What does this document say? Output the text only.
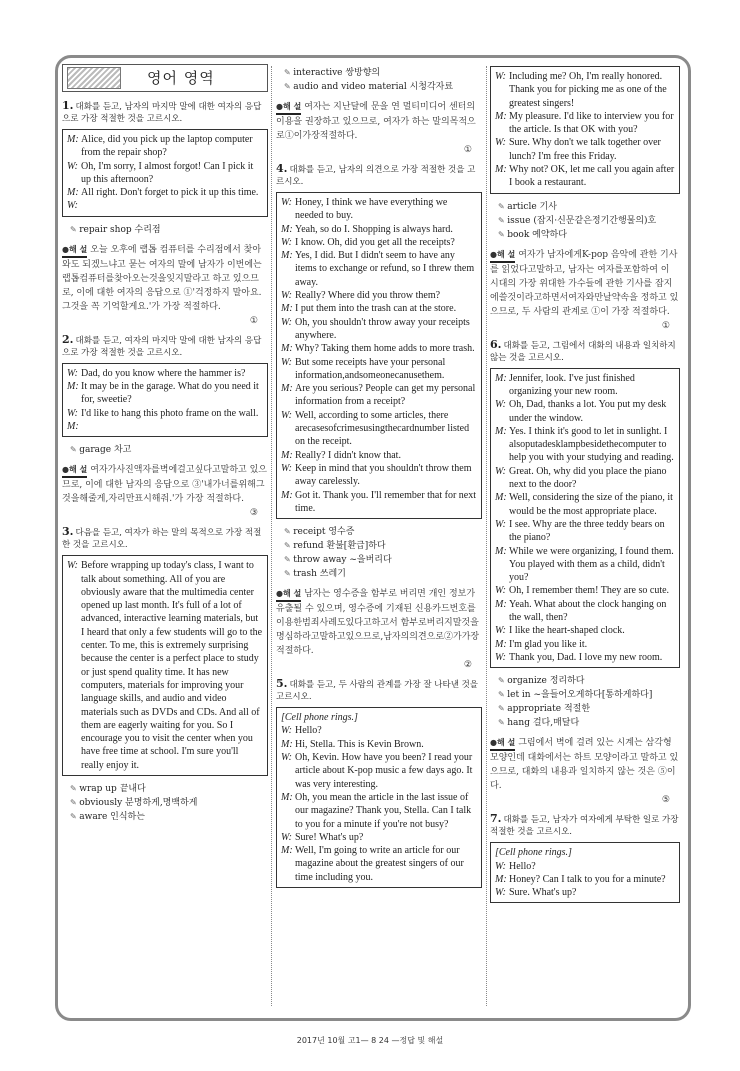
영어 영역
1. 대화를 듣고, 남자의 마지막 말에 대한 여자의 응답으로 가장 적절한 것을 고르시오.
M: Alice, did you pick up the laptop computer from the repair shop?
W: Oh, I'm sorry, I almost forgot! Can I pick it up this afternoon?
M: All right. Don't forget to pick it up this time.
W:
✎ repair shop 수리점
●해 설 오늘 오후에 랩톱 컴퓨터를 수리점에서 찾아와도 되겠느냐고 묻는 여자의 말에 남자가 이번에는랩톱컴퓨터를찾아오는것을잊지말라고 하고 있으므로, 이에 대한 여자의 응답으로 ①'걱정하지 말아요. 그것을 꼭 기억할게요.'가 가장 적절하다.
①
2. 대화를 듣고, 여자의 마지막 말에 대한 남자의 응답으로 가장 적절한 것을 고르시오.
W: Dad, do you know where the hammer is?
M: It may be in the garage. What do you need it for, sweetie?
W: I'd like to hang this photo frame on the wall.
M:
✎ garage 차고
●해 설 여자가사진액자를벽에걸고싶다고말하고 있으므로, 이에 대한 남자의 응답으로 ③'내가너를위해그것을해줄게,자리만표시해줘.'가 가장 적절하다.
③
3. 다음을 듣고, 여자가 하는 말의 목적으로 가장 적절한 것을 고르시오.
W: Before wrapping up today's class, I want to talk about something. All of you are obviously aware that the multimedia center opened up last month. It's full of a lot of advanced, interactive learning materials, but I heard that only a few students will go to the center. To me, this is extremely surprising because the center is a perfect place to study or just spend quality time. It has new computers, materials for improving your language skills, and audio and video materials such as DVDs and CDs. And all of them are eagerly waiting for you. So I encourage you to visit the center when you have free time at school. I'm sure you'll really enjoy it.
✎ wrap up 끝내다
✎ obviously 분명하게,명백하게
✎ aware 인식하는
✎ interactive 쌍방향의
✎ audio and video material 시청각자료
●해 설 여자는 지난달에 문을 연 멀티미디어 센터의 이용을 권장하고 있으므로, 여자가 하는 말의목적으로①이가장적절하다.
①
4. 대화를 듣고, 남자의 의견으로 가장 적절한 것을 고르시오.
W: Honey, I think we have everything we needed to buy.
M: Yeah, so do I. Shopping is always hard.
W: I know. Oh, did you get all the receipts?
M: Yes, I did. But I didn't seem to have any items to exchange or refund, so I threw them away.
W: Really? Where did you throw them?
M: I put them into the trash can at the store.
W: Oh, you shouldn't throw away your receipts anywhere.
M: Why? Taking them home adds to more trash.
W: But some receipts have your personal information,andsomeonecanusethem.
M: Are you serious? People can get my personal information from a receipt?
W: Well, according to some articles, there arecasesofcrimesusingthecardnumber listed on the receipt.
M: Really? I didn't know that.
W: Keep in mind that you shouldn't throw them away carelessly.
M: Got it. Thank you. I'll remember that for next time.
✎ receipt 영수증
✎ refund 환불[환급]하다
✎ throw away ~을버리다
✎ trash 쓰레기
●해 설 남자는 영수증을 함부로 버리면 개인 정보가 유출될 수 있으며, 영수증에 기재된 신용카드번호를이용한범죄사례도있다고하고서 함부로버리지말것을명심하라고말하고있으므로,남자의의견으로②가가장적절하다.
②
5. 대화를 듣고, 두 사람의 관계를 가장 잘 나타낸 것을 고르시오.
[Cell phone rings.]
W: Hello?
M: Hi, Stella. This is Kevin Brown.
W: Oh, Kevin. How have you been? I read your article about K-pop music a few days ago. It was very interesting.
M: Oh, you mean the article in the last issue of our magazine? Thank you, Stella. Can I talk to you for a minute if you're not busy?
W: Sure! What's up?
M: Well, I'm going to write an article for our magazine about the greatest singers of our time including you.
W: Including me? Oh, I'm really honored. Thank you for picking me as one of the greatest singers!
M: My pleasure. I'd like to interview you for the article. Is that OK with you?
W: Sure. Why don't we talk together over lunch? I'm free this Friday.
M: Why not? OK, let me call you again after I book a restaurant.
✎ article 기사
✎ issue (잡지·신문같은정기간행물의)호
✎ book 예약하다
●해 설 여자가 남자에게K-pop 음악에 관한 기사를 읽었다고말하고, 남자는 여자를포함하여 이 시대의 가장 위대한 가수들에 관한 기사를 잡지에쓸것이라고하면서여자와만날약속을 정하고 있으므로, 두 사람의 관계로 ①이 가장 적절하다.
①
6. 대화를 듣고, 그림에서 대화의 내용과 일치하지 않는 것을 고르시오.
M: Jennifer, look. I've just finished organizing your new room.
W: Oh, Dad, thanks a lot. You put my desk under the window.
M: Yes. I think it's good to let in sunlight. I alsoputadesklampbesidethecomputer to help you with your studying and reading.
W: Great. Oh, why did you place the piano next to the door?
M: Well, considering the size of the piano, it would be the most appropriate place.
W: I see. Why are the three teddy bears on the piano?
M: While we were organizing, I found them. You played with them as a child, didn't you?
W: Oh, I remember them! They are so cute.
M: Yeah. What about the clock hanging on the wall, then?
W: I like the heart-shaped clock.
M: I'm glad you like it.
W: Thank you, Dad. I love my new room.
✎ organize 정리하다
✎ let in ~을들어오게하다[통하게하다]
✎ appropriate 적절한
✎ hang 걸다,매달다
●해 설 그림에서 벽에 걸려 있는 시계는 삼각형 모양인데 대화에서는 하트 모양이라고 말하고 있으므로, 대화의 내용과 일치하지 않는 것은 ⑤이다.
⑤
7. 대화를 듣고, 남자가 여자에게 부탁한 일로 가장 적절한 것을 고르시오.
[Cell phone rings.]
W: Hello?
M: Honey? Can I talk to you for a minute?
W: Sure. What's up?
2017년 10월 고1— 8 24 —정답 및 해설
